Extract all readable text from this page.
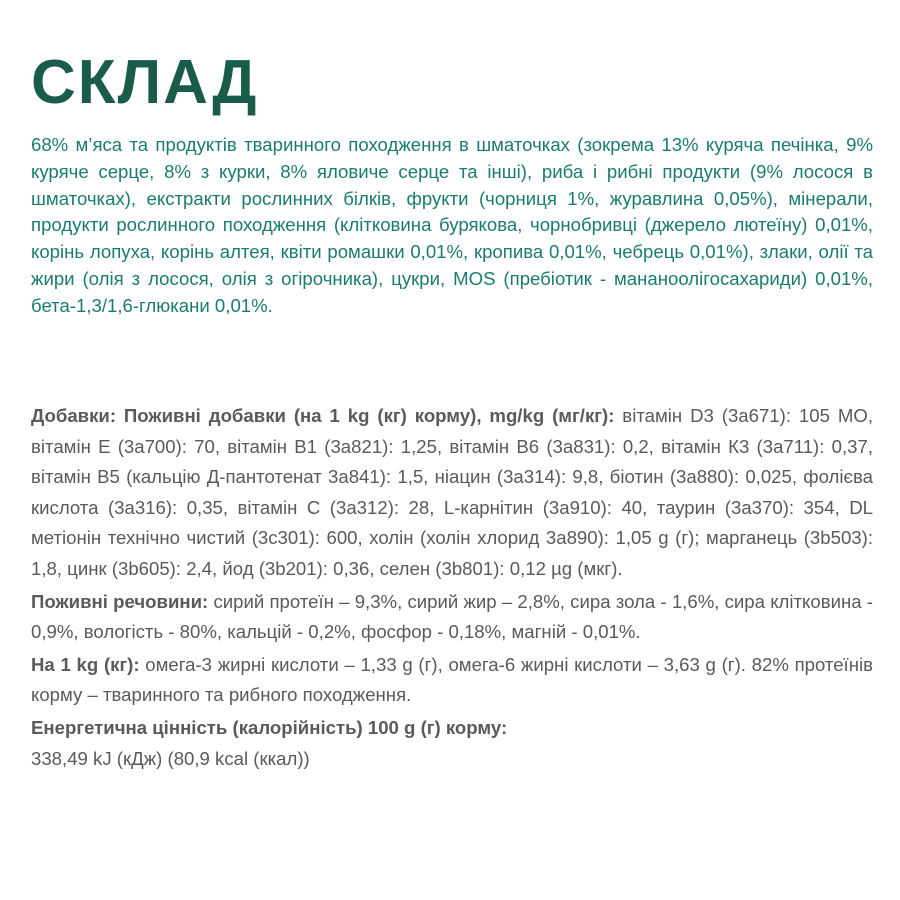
СКЛАД

68% м’яса та продуктів тваринного походження в шматочках (зокрема 13% куряча печінка, 9% куряче серце, 8% з курки, 8% яловиче серце та інші), риба і рибні продукти (9% лосося в шматочках), екстракти рослинних білків, фрукти (чорниця 1%, журавлина 0,05%), мінерали, продукти рослинного походження (клітковина бурякова, чорнобривці (джерело лютеїну) 0,01%, корінь лопуха, корінь алтея, квіти ромашки 0,01%, кропива 0,01%, чебрець 0,01%), злаки, олії та жири (олія з лосося, олія з огірочника), цукри, MOS (пребіотик - мананоолігосахариди) 0,01%, бета-1,3/1,6-глюкани 0,01%.

Добавки: Поживні добавки (на 1 kg (кг) корму), mg/kg (мг/кг): вітамін D3 (3a671): 105 МО, вітамін Е (3a700): 70, вітамін В1 (3a821): 1,25, вітамін В6 (3a831): 0,2, вітамін К3 (3a711): 0,37, вітамін В5 (кальцію Д-пантотенат 3a841): 1,5, ніацин (3a314): 9,8, біотин (3a880): 0,025, фолієва кислота (3a316): 0,35, вітамін С (3a312): 28, L-карнітин (3a910): 40, таурин (3a370): 354, DL метіонін технічно чистий (3c301): 600, холін (холін хлорид 3a890): 1,05 g (г); марганець (3b503): 1,8, цинк (3b605): 2,4, йод (3b201): 0,36, селен (3b801): 0,12 µg (мкг).

Поживні речовини: сирий протеїн – 9,3%, сирий жир – 2,8%, сира зола - 1,6%, сира клітковина - 0,9%, вологість - 80%, кальцій - 0,2%, фосфор - 0,18%, магній - 0,01%.

На 1 kg (кг): омега-3 жирні кислоти – 1,33 g (г), омега-6 жирні кислоти – 3,63 g (г). 82% протеїнів корму – тваринного та рибного походження.

Енергетична цінність (калорійність) 100 g (г) корму:
338,49 kJ (кДж) (80,9 kcal (ккал))
